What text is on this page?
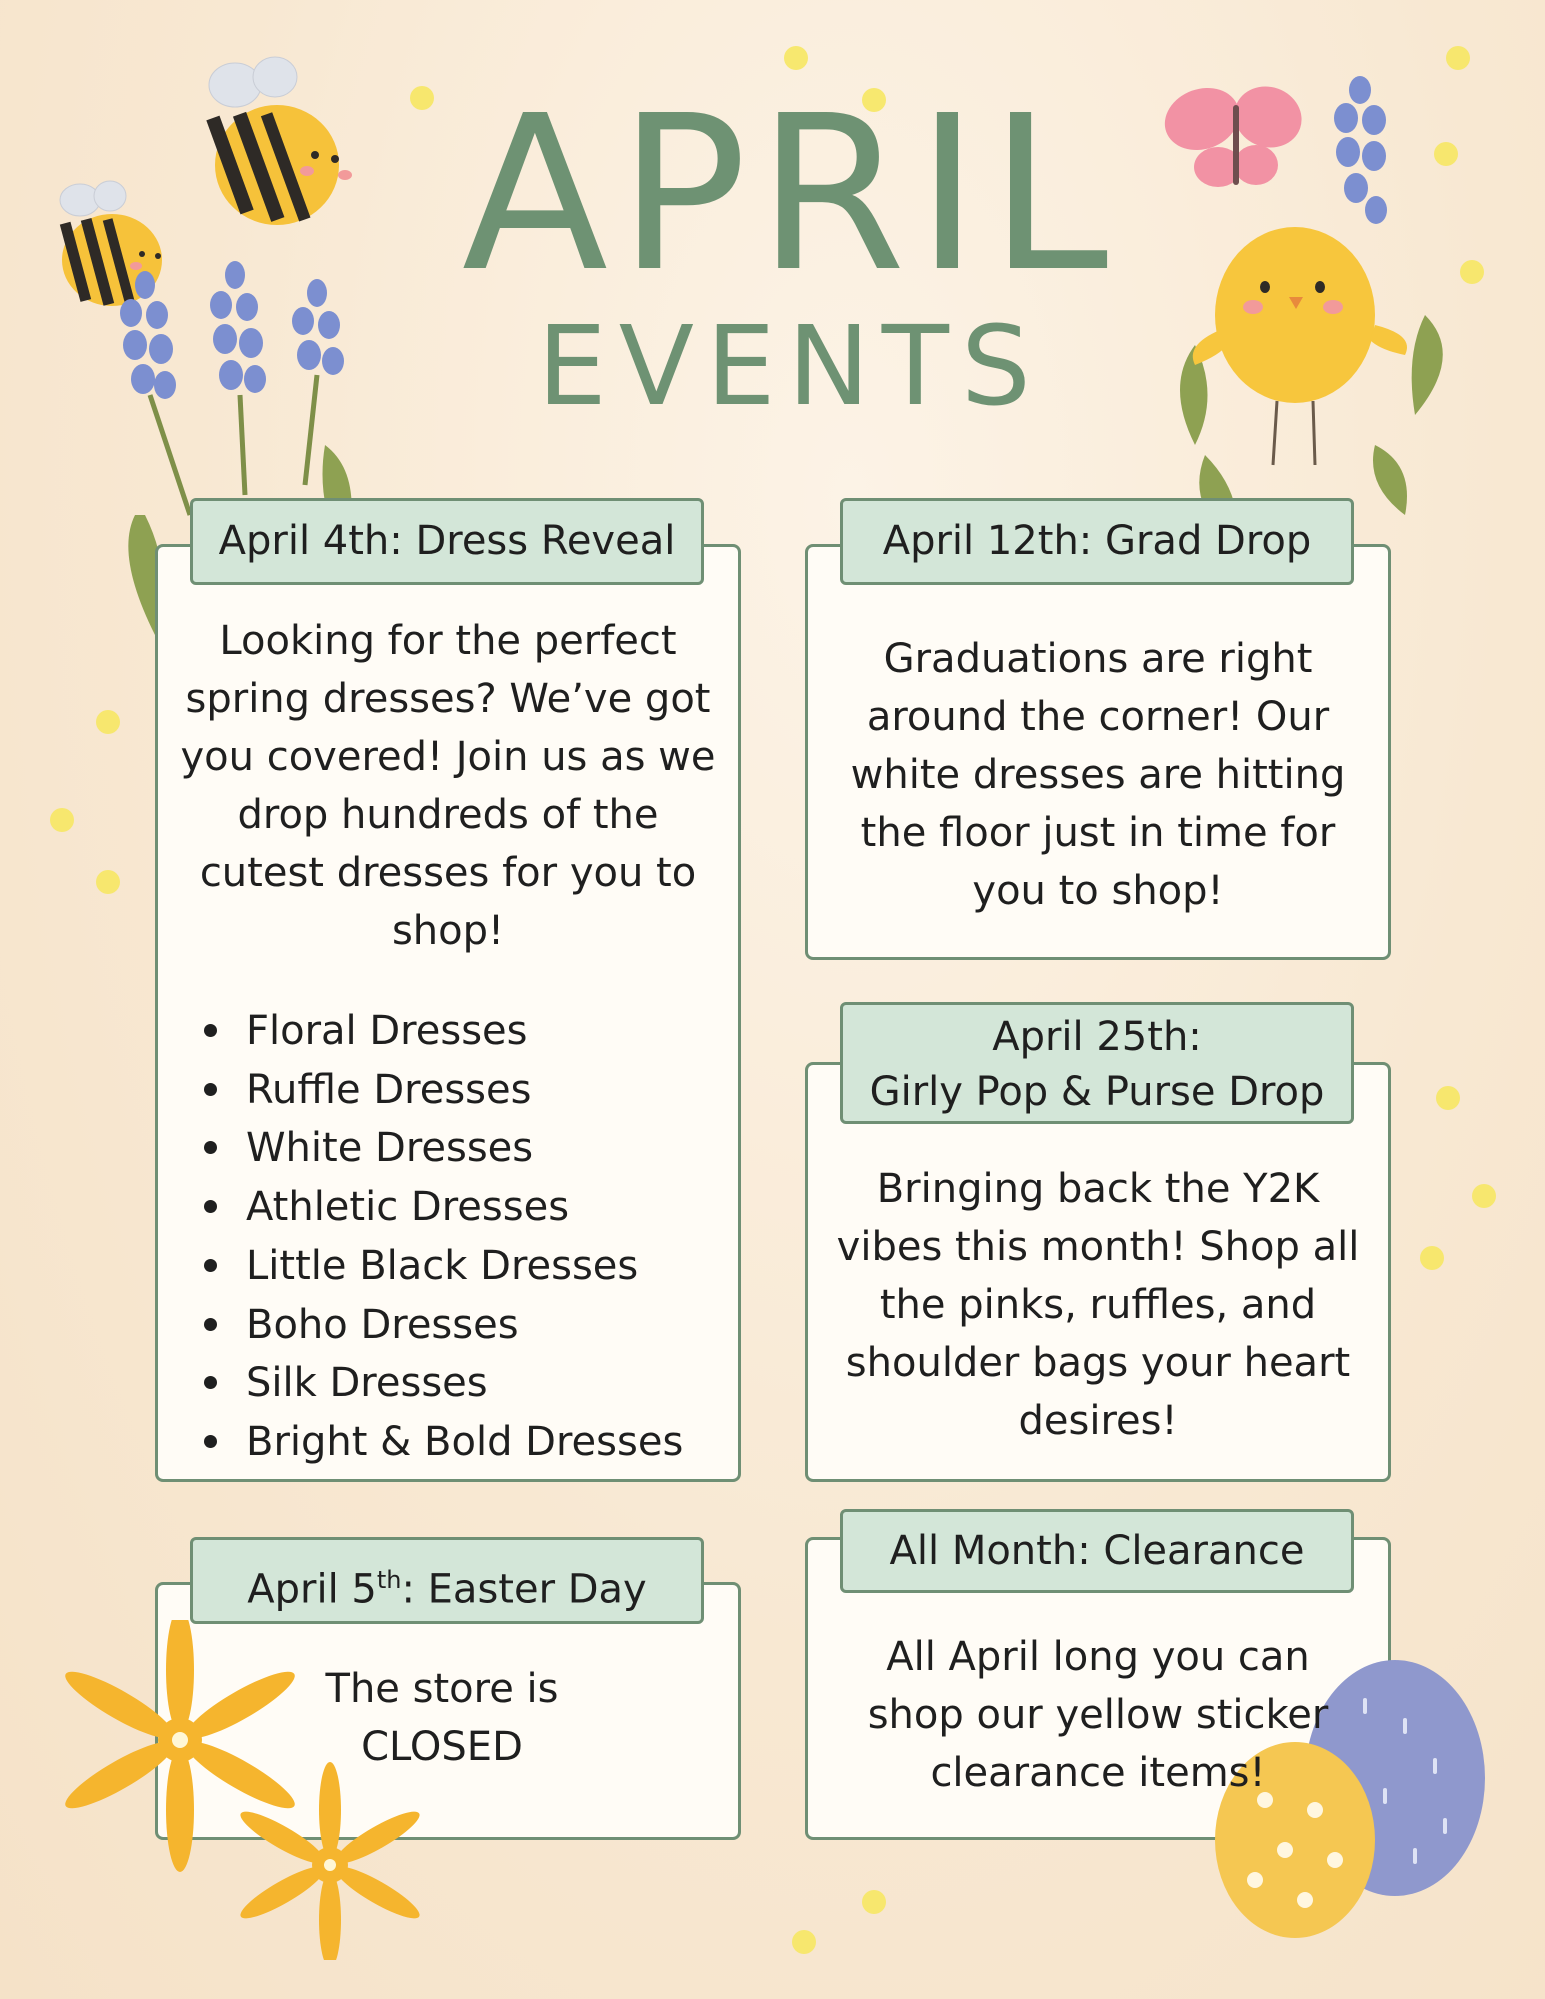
APRIL
EVENTS
April 4th: Dress Reveal
Looking for the perfect spring dresses? We’ve got you covered! Join us as we drop hundreds of the cutest dresses for you to shop!
Floral Dresses
Ruffle Dresses
White Dresses
Athletic Dresses
Little Black Dresses
Boho Dresses
Silk Dresses
Bright & Bold Dresses
April 12th: Grad Drop
Graduations are right around the corner! Our white dresses are hitting the floor just in time for you to shop!
April 25th:
Girly Pop & Purse Drop
Bringing back the Y2K vibes this month! Shop all the pinks, ruffles, and shoulder bags your heart desires!
April 5th: Easter Day
The store is CLOSED
All Month: Clearance
All April long you can shop our yellow sticker clearance items!
